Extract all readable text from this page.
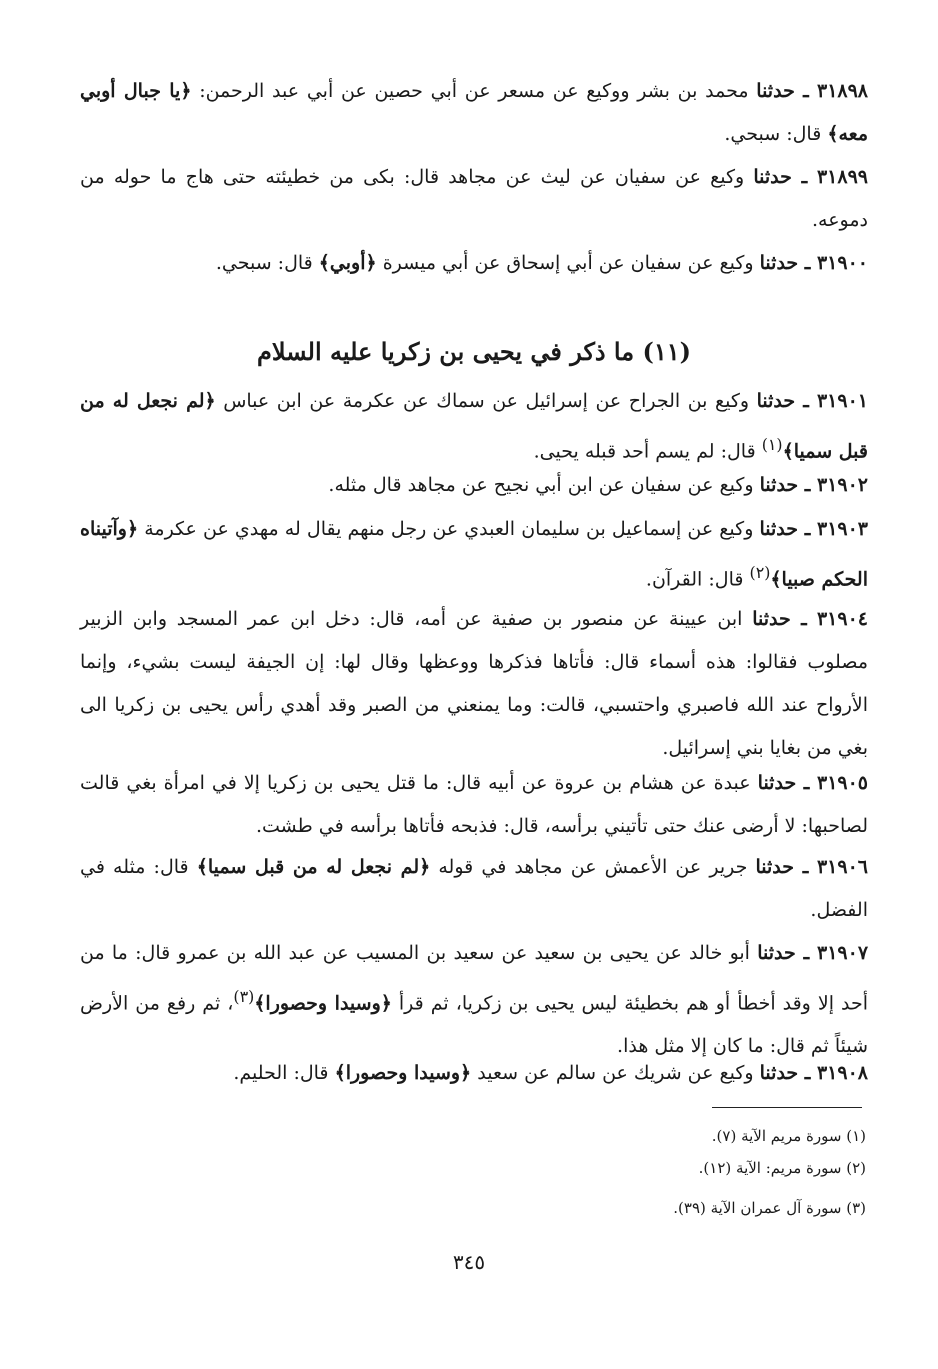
٣١٨٩٨ ـ حدثنا محمد بن بشر ووكيع عن مسعر عن أبي حصين عن أبي عبد الرحمن: ﴿يا جبال أوبي معه﴾ قال: سبحي.

٣١٨٩٩ ـ حدثنا وكيع عن سفيان عن ليث عن مجاهد قال: بكى من خطيئته حتى هاج ما حوله من دموعه.

٣١٩٠٠ ـ حدثنا وكيع عن سفيان عن أبي إسحاق عن أبي ميسرة ﴿أوبي﴾ قال: سبحي.

(١١) ما ذكر في يحيى بن زكريا عليه السلام

٣١٩٠١ ـ حدثنا وكيع بن الجراح عن إسرائيل عن سماك عن عكرمة عن ابن عباس ﴿لم نجعل له من قبل سميا﴾$^{(١)}$ قال: لم يسم أحد قبله يحيى.

٣١٩٠٢ ـ حدثنا وكيع عن سفيان عن ابن أبي نجيح عن مجاهد قال مثله.

٣١٩٠٣ ـ حدثنا وكيع عن إسماعيل بن سليمان العبدي عن رجل منهم يقال له مهدي عن عكرمة ﴿وآتيناه الحكم صبيا﴾$^{(٢)}$ قال: القرآن.

٣١٩٠٤ ـ حدثنا ابن عيينة عن منصور بن صفية عن أمه، قال: دخل ابن عمر المسجد وابن الزبير مصلوب فقالوا: هذه أسماء قال: فأتاها فذكرها ووعظها وقال لها: إن الجيفة ليست بشيء، وإنما الأرواح عند الله فاصبري واحتسبي، قالت: وما يمنعني من الصبر وقد أهدي رأس يحيى بن زكريا الى بغي من بغايا بني إسرائيل.

٣١٩٠٥ ـ حدثنا عبدة عن هشام بن عروة عن أبيه قال: ما قتل يحيى بن زكريا إلا في امرأة بغي قالت لصاحبها: لا أرضى عنك حتى تأتيني برأسه، قال: فذبحه فأتاها برأسه في طشت.

٣١٩٠٦ ـ حدثنا جرير عن الأعمش عن مجاهد في قوله ﴿لم نجعل له من قبل سميا﴾ قال: مثله في الفضل.

٣١٩٠٧ ـ حدثنا أبو خالد عن يحيى بن سعيد عن سعيد بن المسيب عن عبد الله بن عمرو قال: ما من أحد إلا وقد أخطأ أو هم بخطيئة ليس يحيى بن زكريا، ثم قرأ ﴿وسيدا وحصورا﴾$^{(٣)}$، ثم رفع من الأرض شيئاً ثم قال: ما كان إلا مثل هذا.

٣١٩٠٨ ـ حدثنا وكيع عن شريك عن سالم عن سعيد ﴿وسيدا وحصورا﴾ قال: الحليم.

(١) سورة مريم الآية (٧).

(٢) سورة مريم: الآية (١٢).

(٣) سورة آل عمران الآية (٣٩).

٣٤٥
